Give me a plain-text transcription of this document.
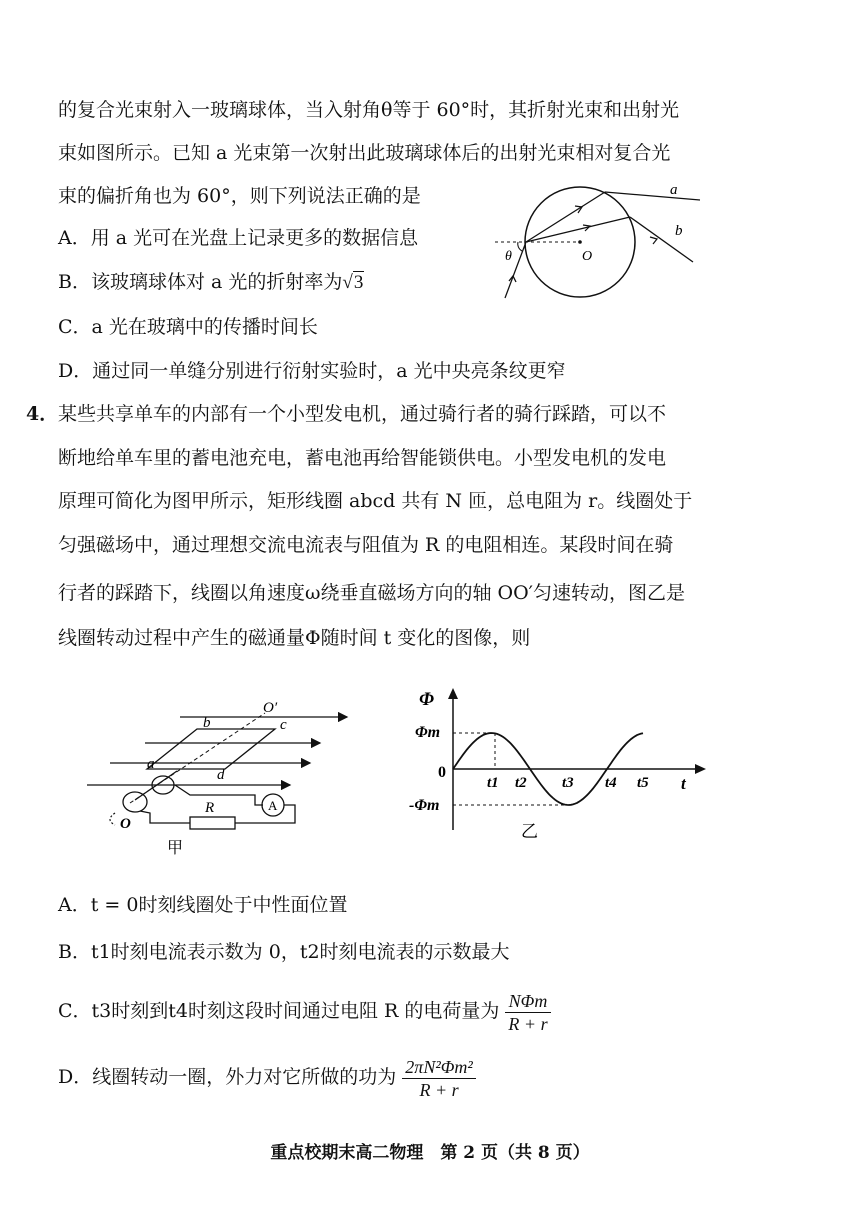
的复合光束射入一玻璃球体，当入射角θ等于 60°时，其折射光束和出射光
束如图所示。已知 a 光束第一次射出此玻璃球体后的出射光束相对复合光
束的偏折角也为 60°，则下列说法正确的是
A．用 a 光可在光盘上记录更多的数据信息
B．该玻璃球体对 a 光的折射率为√3
C．a 光在玻璃中的传播时间长
D．通过同一单缝分别进行衍射实验时，a 光中央亮条纹更窄
a
b
O
θ
4． 某些共享单车的内部有一个小型发电机，通过骑行者的骑行踩踏，可以不
断地给单车里的蓄电池充电，蓄电池再给智能锁供电。小型发电机的发电
原理可简化为图甲所示，矩形线圈 abcd 共有 N 匝，总电阻为 r。线圈处于
匀强磁场中，通过理想交流电流表与阻值为 R 的电阻相连。某段时间在骑
行者的踩踏下，线圈以角速度ω绕垂直磁场方向的轴 OO′匀速转动，图乙是
线圈转动过程中产生的磁通量Φ随时间 t 变化的图像，则
O′
b	c
a
d
O
R	A
甲
Φ
Φm
0
-Φm
t1 t2 t3 t4 t5 t
乙
A．t = 0时刻线圈处于中性面位置
B．t1时刻电流表示数为 0，t2时刻电流表的示数最大
C．t3时刻到t4时刻这段时间通过电阻 R 的电荷量为 $\frac{\text{NΦm}}{R + r}$
D．线圈转动一圈，外力对它所做的功为 $\frac{\text{2πN²Φm²}}{R + r}$
重点校期末高二物理　第 2 页（共 8 页）
